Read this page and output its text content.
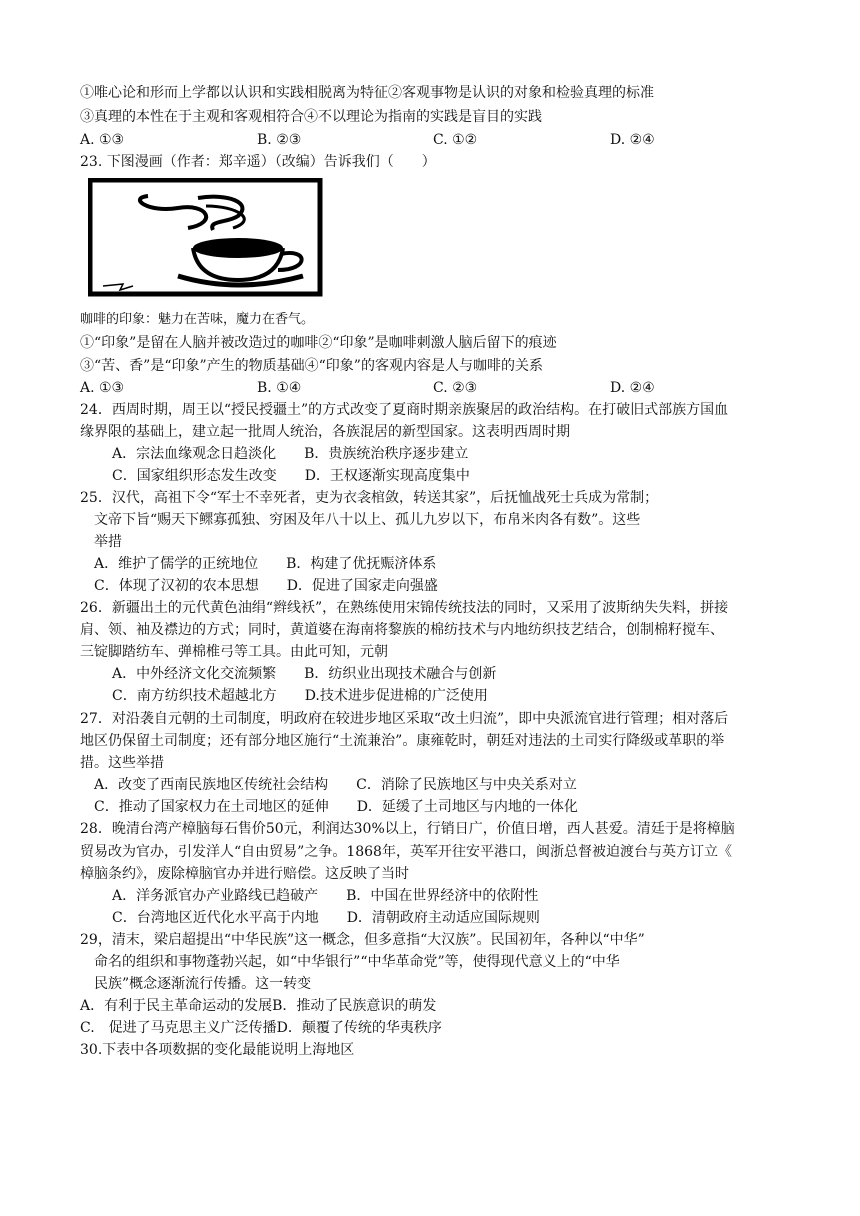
①唯心论和形而上学都以认识和实践相脱离为特征②客观事物是认识的对象和检验真理的标准
③真理的本性在于主观和客观相符合④不以理论为指南的实践是盲目的实践
A. ①③	B. ②③	C. ①②	D. ②④
23. 下图漫画（作者：郑辛遥）（改编）告诉我们（　　）
咖啡的印象：魅力在苦味，魔力在香气。
①“印象”是留在人脑并被改造过的咖啡②“印象”是咖啡刺激人脑后留下的痕迹
③“苦、香”是“印象”产生的物质基础④“印象”的客观内容是人与咖啡的关系
A. ①③	B. ①④	C. ②③	D. ②④
24．西周时期，周王以“授民授疆土”的方式改变了夏商时期亲族聚居的政治结构。在打破旧式部族方国血
缘界限的基础上，建立起一批周人统治，各族混居的新型国家。这表明西周时期
A．宗法血缘观念日趋淡化　　B．贵族统治秩序逐步建立
C．国家组织形态发生改变　　D．王权逐渐实现高度集中
25．汉代，高祖下令“军士不幸死者，吏为衣衾棺敛，转送其家”，后抚恤战死士兵成为常制；
文帝下旨“赐天下鳏寡孤独、穷困及年八十以上、孤儿九岁以下，布帛米肉各有数”。这些
举措
A．维护了儒学的正统地位　　B．构建了优抚赈济体系
C．体现了汉初的农本思想　　D．促进了国家走向强盛
26．新疆出土的元代黄色油绢“辫线袄”，在熟练使用宋锦传统技法的同时，又采用了波斯纳失失料，拼接
肩、领、袖及襟边的方式；同时，黄道婆在海南将黎族的棉纺技术与内地纺织技艺结合，创制棉籽搅车、
三锭脚踏纺车、弹棉椎弓等工具。由此可知，元朝
A．中外经济文化交流频繁　　B．纺织业出现技术融合与创新
C．南方纺织技术超越北方　　D.技术进步促进棉的广泛使用
27．对沿袭自元朝的土司制度，明政府在较进步地区采取“改土归流”，即中央派流官进行管理；相对落后
地区仍保留土司制度；还有部分地区施行“土流兼治”。康雍乾时，朝廷对违法的土司实行降级或革职的举
措。这些举措
A．改变了西南民族地区传统社会结构　　C．消除了民族地区与中央关系对立
C．推动了国家权力在土司地区的延伸　　D．延缓了土司地区与内地的一体化
28．晚清台湾产樟脑每石售价50元，利润达30%以上，行销日广，价值日增，西人甚爱。清廷于是将樟脑
贸易改为官办，引发洋人“自由贸易”之争。1868年，英军开往安平港口，闽浙总督被迫渡台与英方订立《
樟脑条约》，废除樟脑官办并进行赔偿。这反映了当时
A．洋务派官办产业路线已趋破产　　B．中国在世界经济中的依附性
C．台湾地区近代化水平高于内地　　D．清朝政府主动适应国际规则
29，清末，梁启超提出“中华民族”这一概念，但多意指“大汉族”。民国初年，各种以“中华”
命名的组织和事物蓬勃兴起，如“中华银行”“中华革命党”等，使得现代意义上的“中华
民族”概念逐渐流行传播。这一转变
A．有利于民主革命运动的发展B．推动了民族意识的萌发
C.　促进了马克思主义广泛传播D．颠覆了传统的华夷秩序
30.下表中各项数据的变化最能说明上海地区
